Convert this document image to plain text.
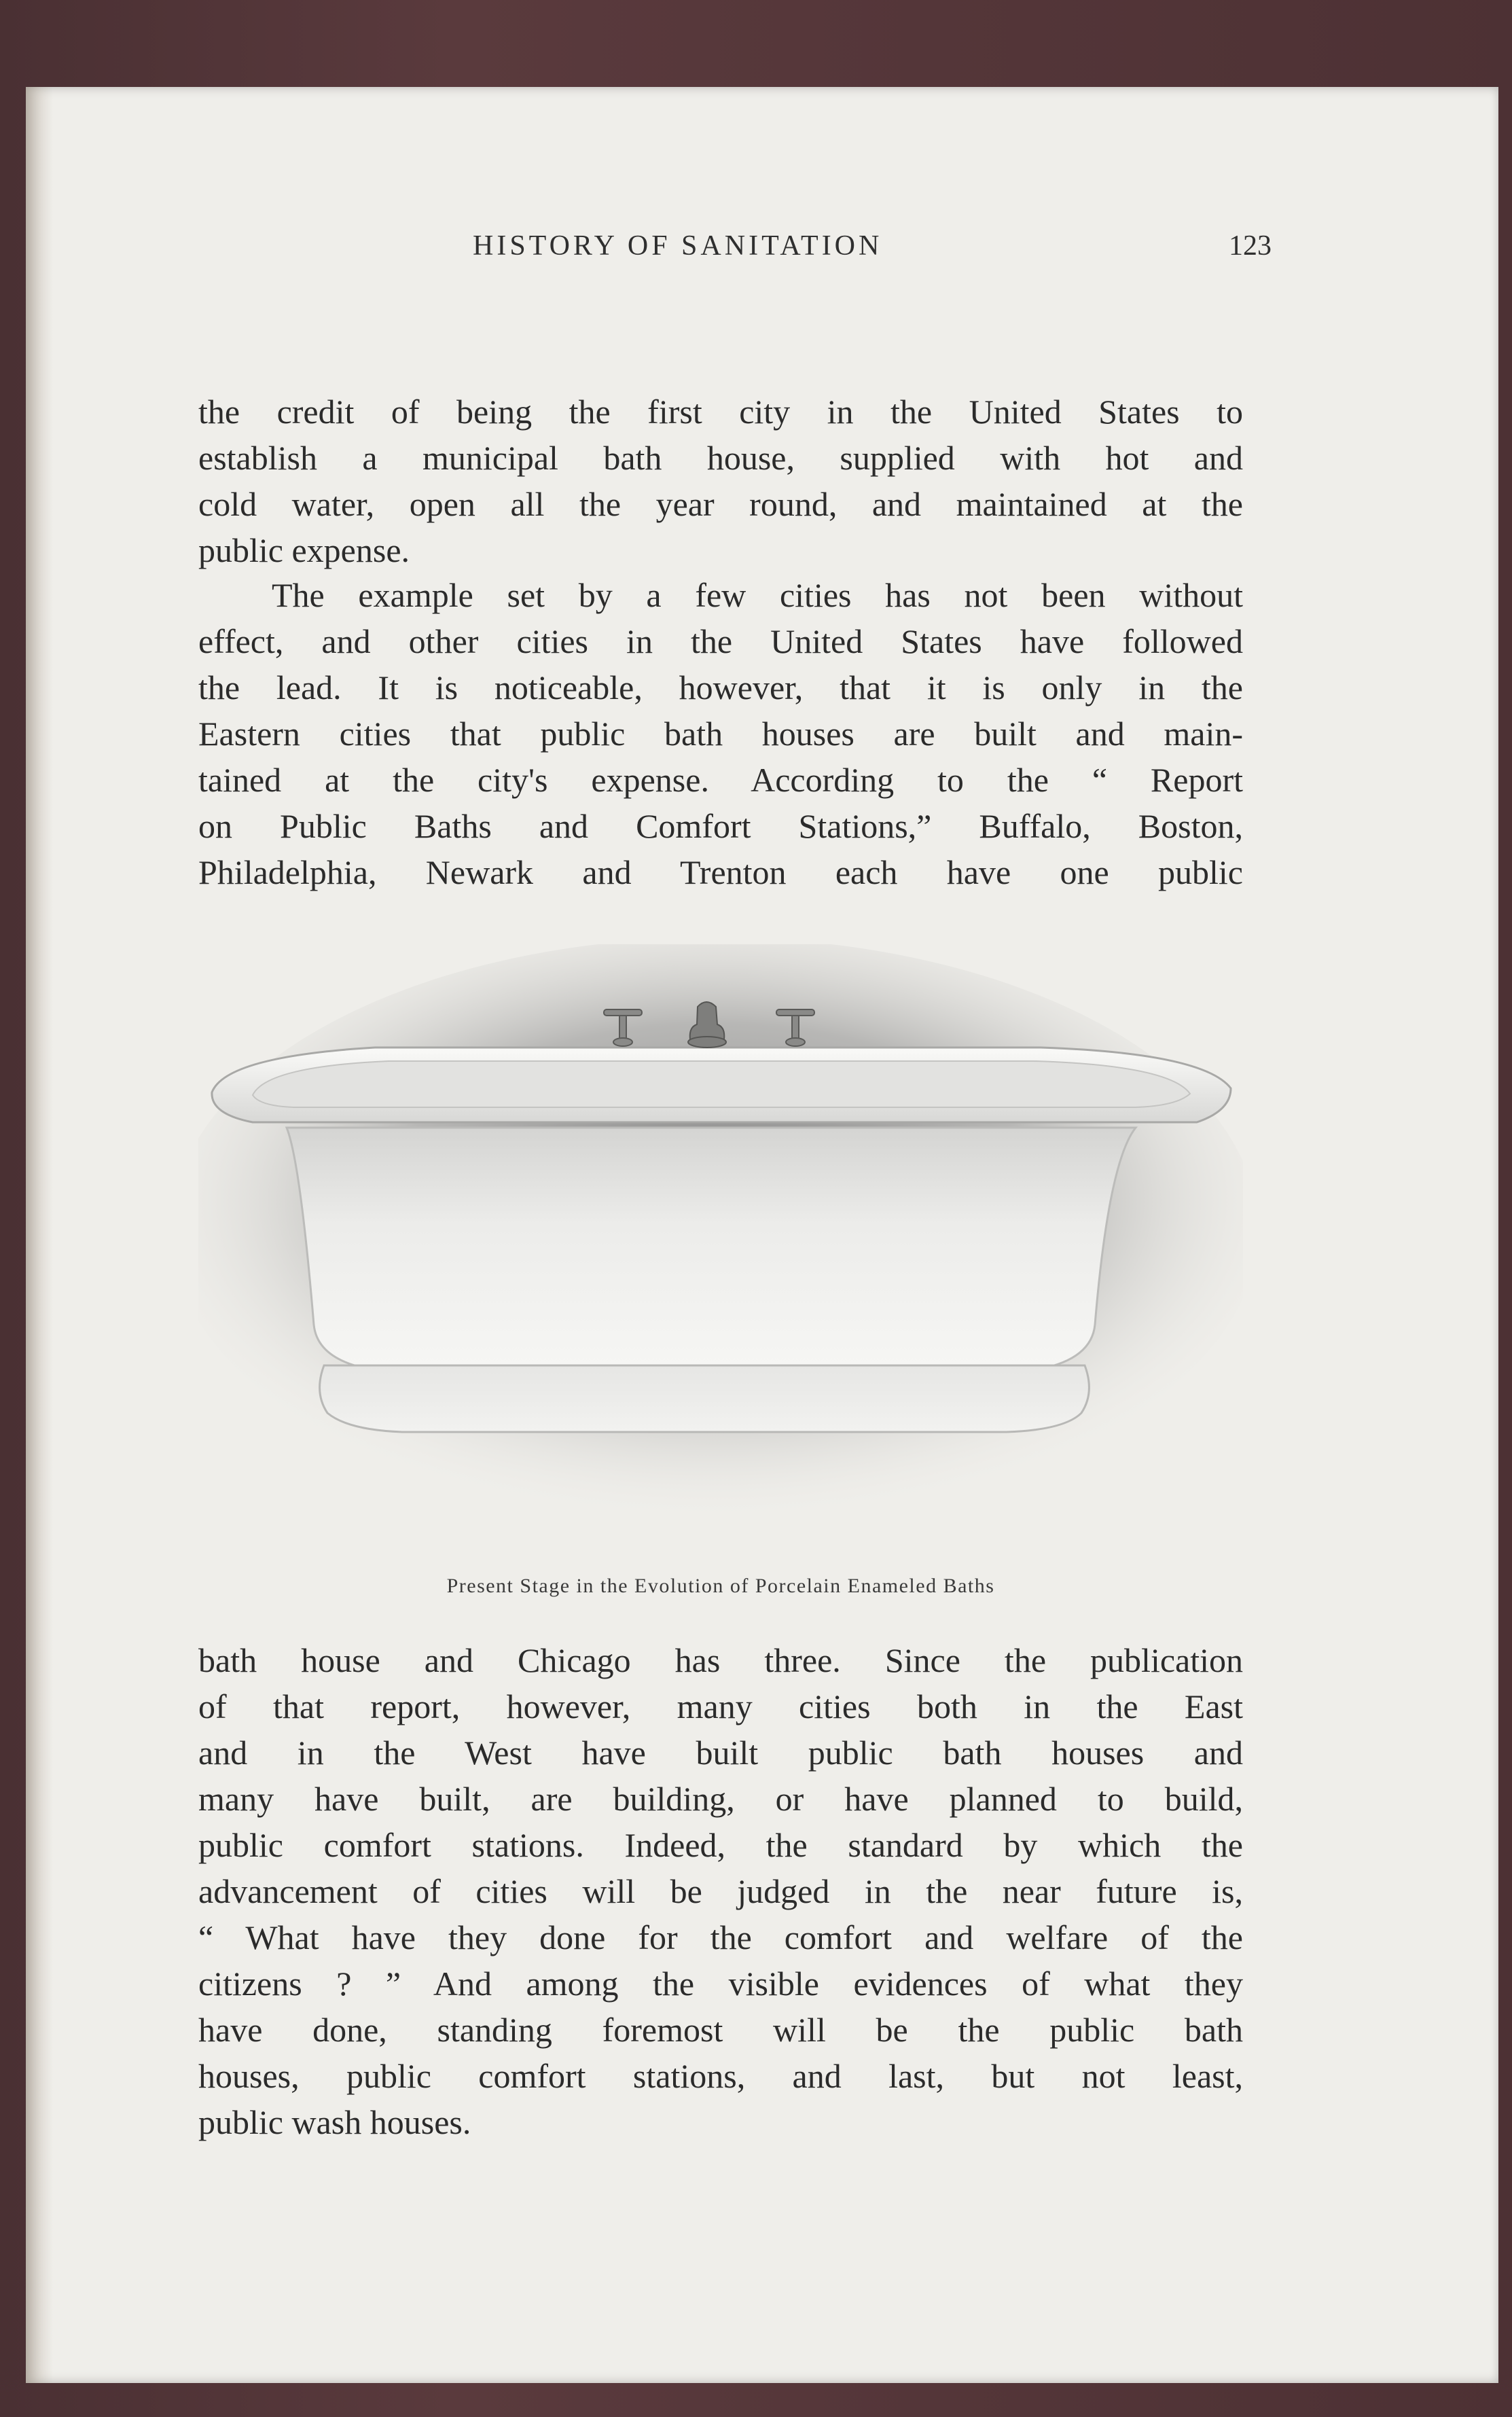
HISTORY OF SANITATION	123
the credit of being the first city in the United States to
establish a municipal bath house, supplied with hot and
cold water, open all the year round, and maintained at the
public expense.
The example set by a few cities has not been without
effect, and other cities in the United States have followed
the lead. It is noticeable, however, that it is only in the
Eastern cities that public bath houses are built and main-
tained at the city's expense. According to the “ Report
on Public Baths and Comfort Stations,” Buffalo, Boston,
Philadelphia, Newark and Trenton each have one public
Present Stage in the Evolution of Porcelain Enameled Baths
bath house and Chicago has three. Since the publication
of that report, however, many cities both in the East
and in the West have built public bath houses and
many have built, are building, or have planned to build,
public comfort stations. Indeed, the standard by which the
advancement of cities will be judged in the near future is,
“ What have they done for the comfort and welfare of the
citizens ? ” And among the visible evidences of what they
have done, standing foremost will be the public bath
houses, public comfort stations, and last, but not least,
public wash houses.
